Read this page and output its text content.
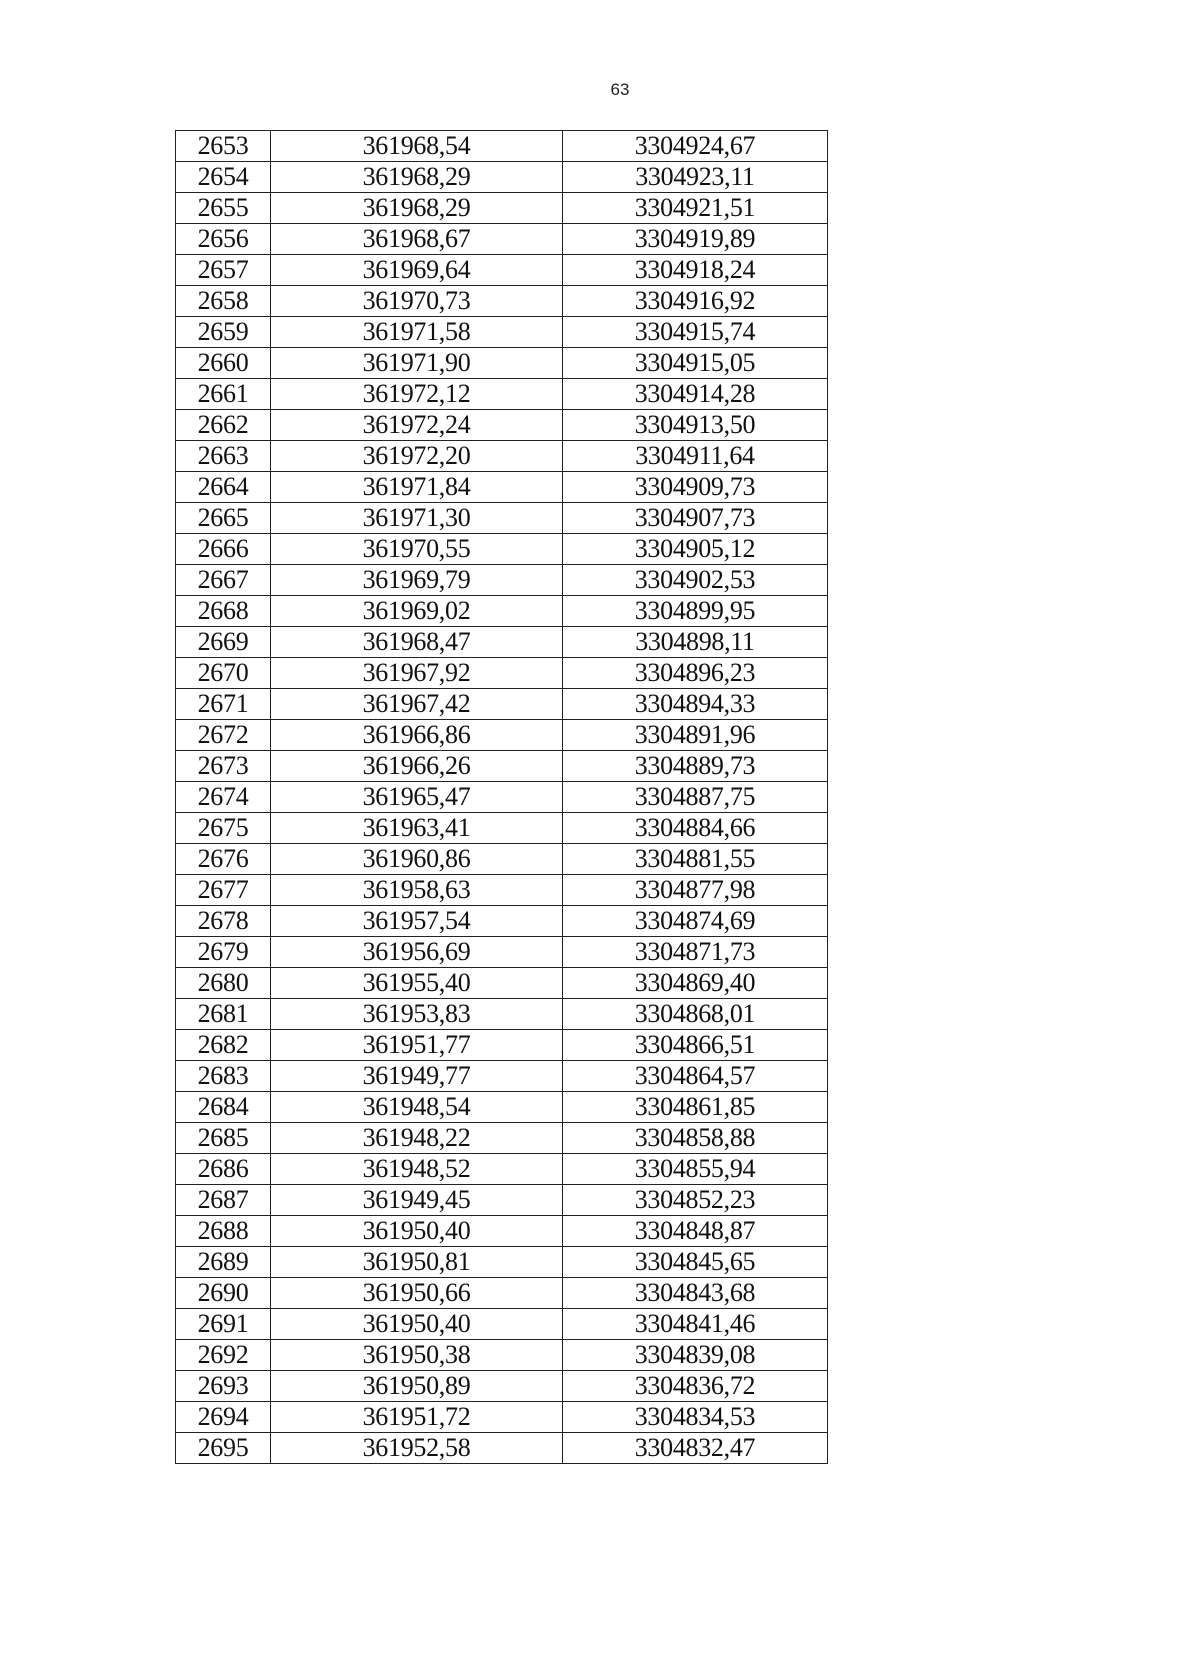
63
2653	361968,54	3304924,67
2654	361968,29	3304923,11
2655	361968,29	3304921,51
2656	361968,67	3304919,89
2657	361969,64	3304918,24
2658	361970,73	3304916,92
2659	361971,58	3304915,74
2660	361971,90	3304915,05
2661	361972,12	3304914,28
2662	361972,24	3304913,50
2663	361972,20	3304911,64
2664	361971,84	3304909,73
2665	361971,30	3304907,73
2666	361970,55	3304905,12
2667	361969,79	3304902,53
2668	361969,02	3304899,95
2669	361968,47	3304898,11
2670	361967,92	3304896,23
2671	361967,42	3304894,33
2672	361966,86	3304891,96
2673	361966,26	3304889,73
2674	361965,47	3304887,75
2675	361963,41	3304884,66
2676	361960,86	3304881,55
2677	361958,63	3304877,98
2678	361957,54	3304874,69
2679	361956,69	3304871,73
2680	361955,40	3304869,40
2681	361953,83	3304868,01
2682	361951,77	3304866,51
2683	361949,77	3304864,57
2684	361948,54	3304861,85
2685	361948,22	3304858,88
2686	361948,52	3304855,94
2687	361949,45	3304852,23
2688	361950,40	3304848,87
2689	361950,81	3304845,65
2690	361950,66	3304843,68
2691	361950,40	3304841,46
2692	361950,38	3304839,08
2693	361950,89	3304836,72
2694	361951,72	3304834,53
2695	361952,58	3304832,47
